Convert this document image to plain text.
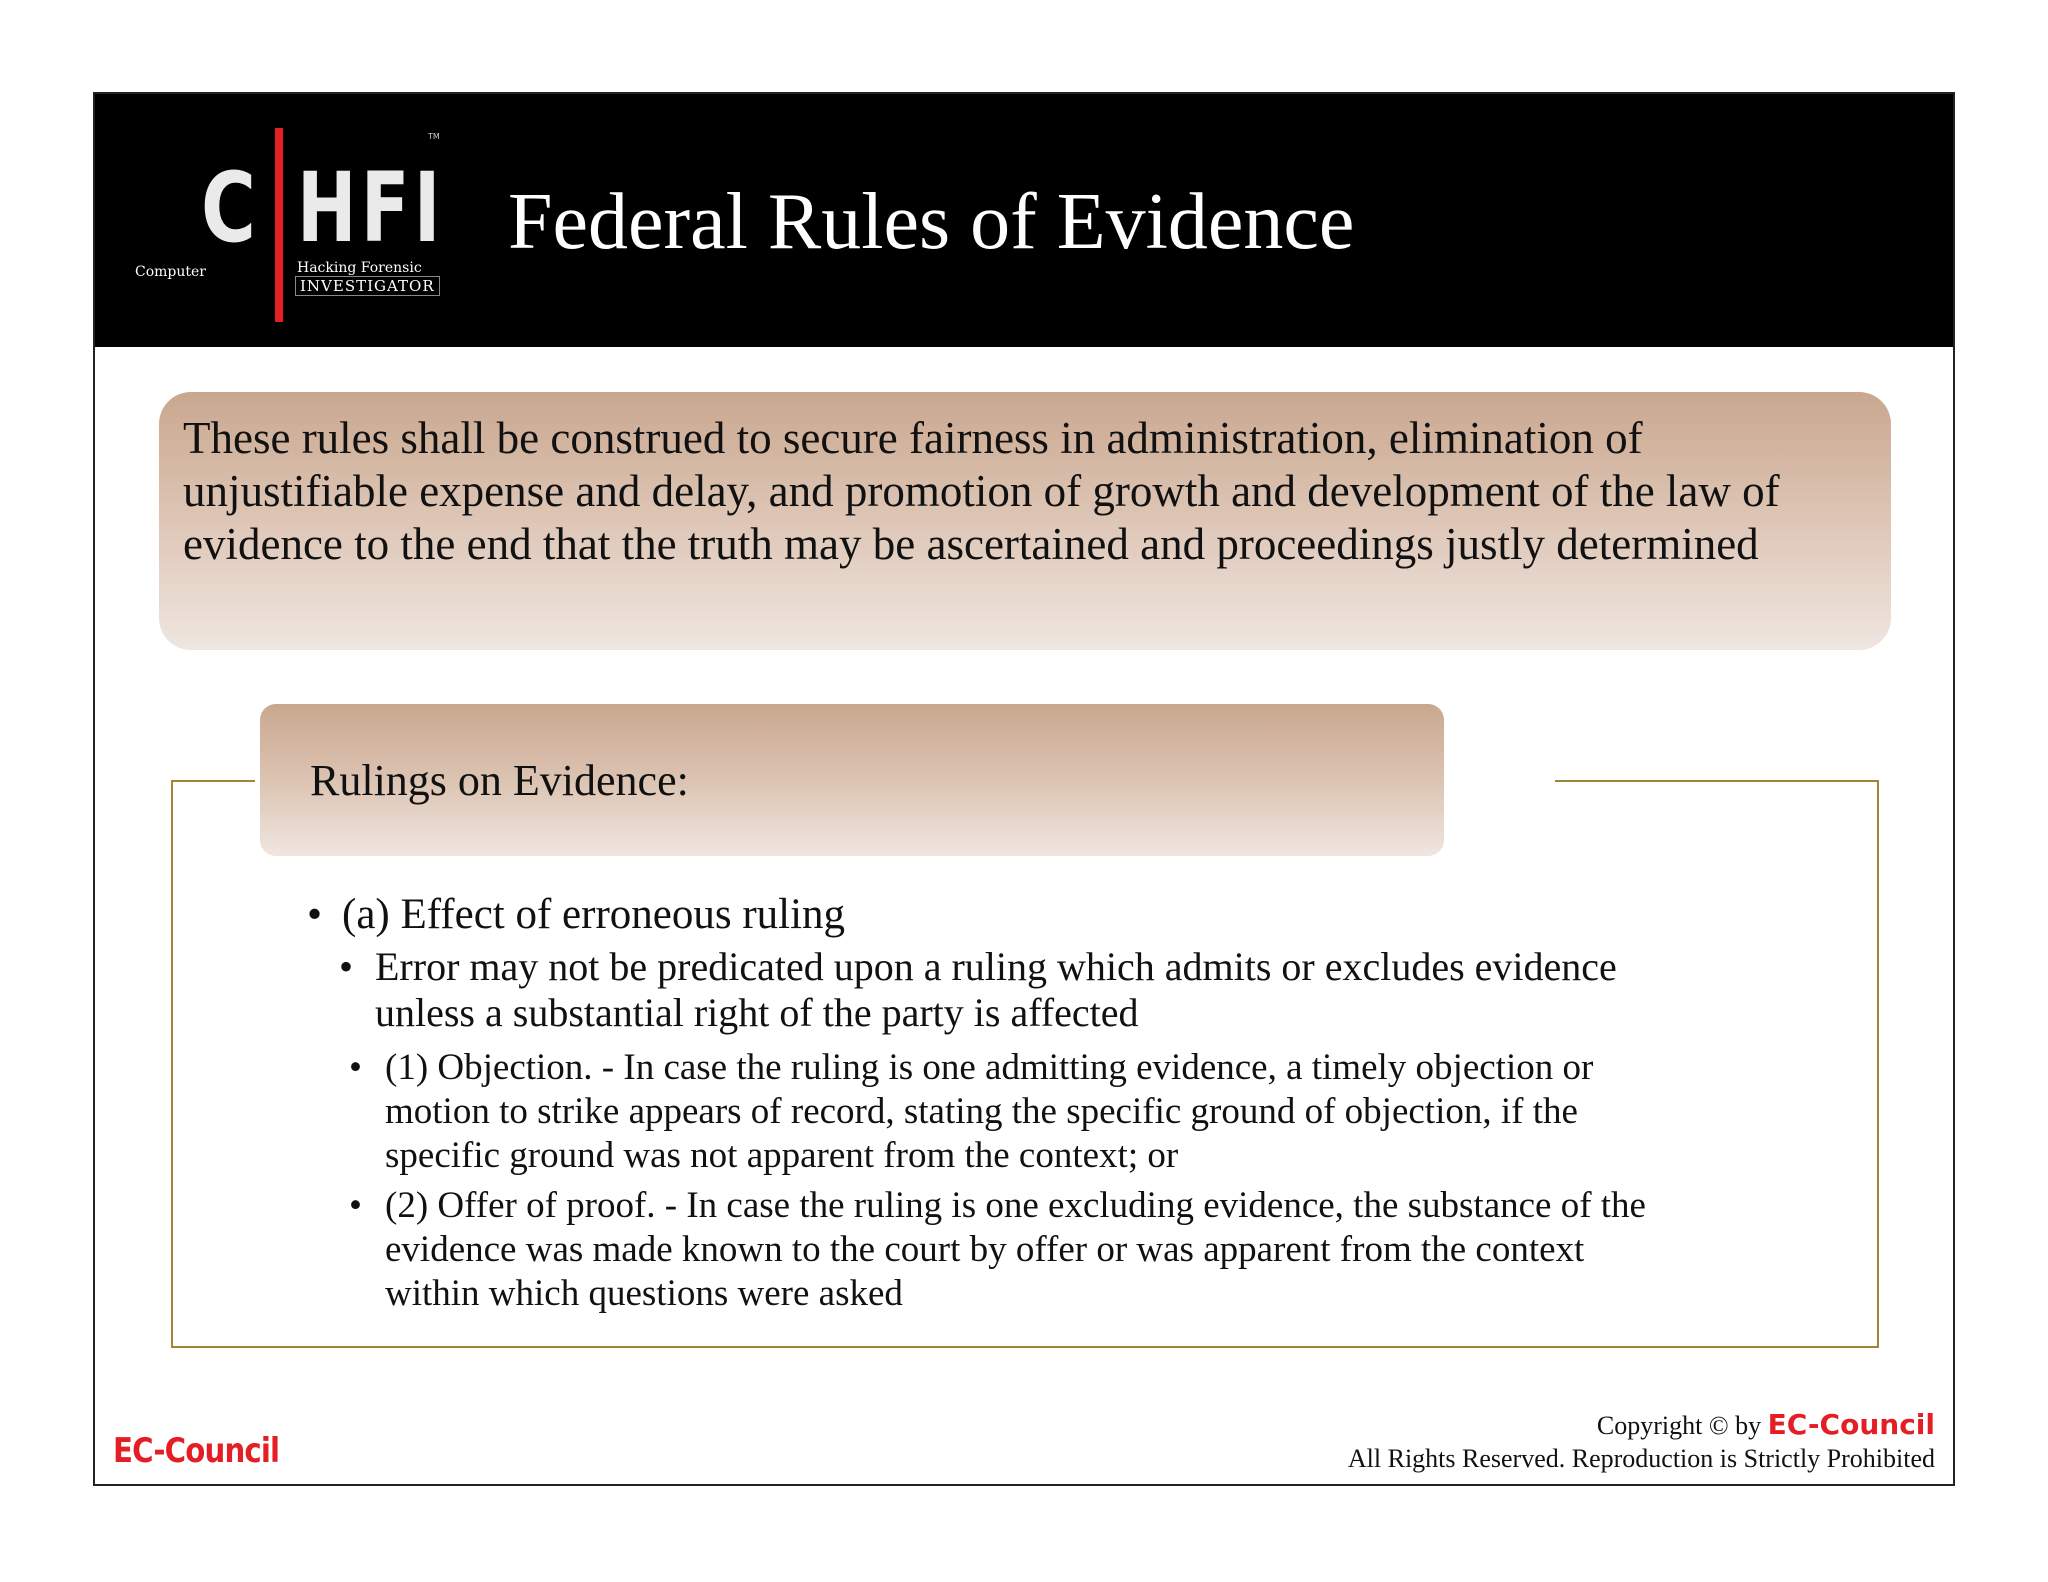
C HFI
TM
Computer	Hacking Forensic
INVESTIGATOR
Federal Rules of Evidence
These rules shall be construed to secure fairness in administration, elimination of unjustifiable expense and delay, and promotion of growth and development of the law of evidence to the end that the truth may be ascertained and proceedings justly determined
Rulings on Evidence:
• (a) Effect of erroneous ruling
• Error may not be predicated upon a ruling which admits or excludes evidence unless a substantial right of the party is affected
• (1) Objection. - In case the ruling is one admitting evidence, a timely objection or motion to strike appears of record, stating the specific ground of objection, if the specific ground was not apparent from the context; or
• (2) Offer of proof. - In case the ruling is one excluding evidence, the substance of the evidence was made known to the court by offer or was apparent from the context within which questions were asked
EC-Council
Copyright © by EC-Council
All Rights Reserved. Reproduction is Strictly Prohibited
